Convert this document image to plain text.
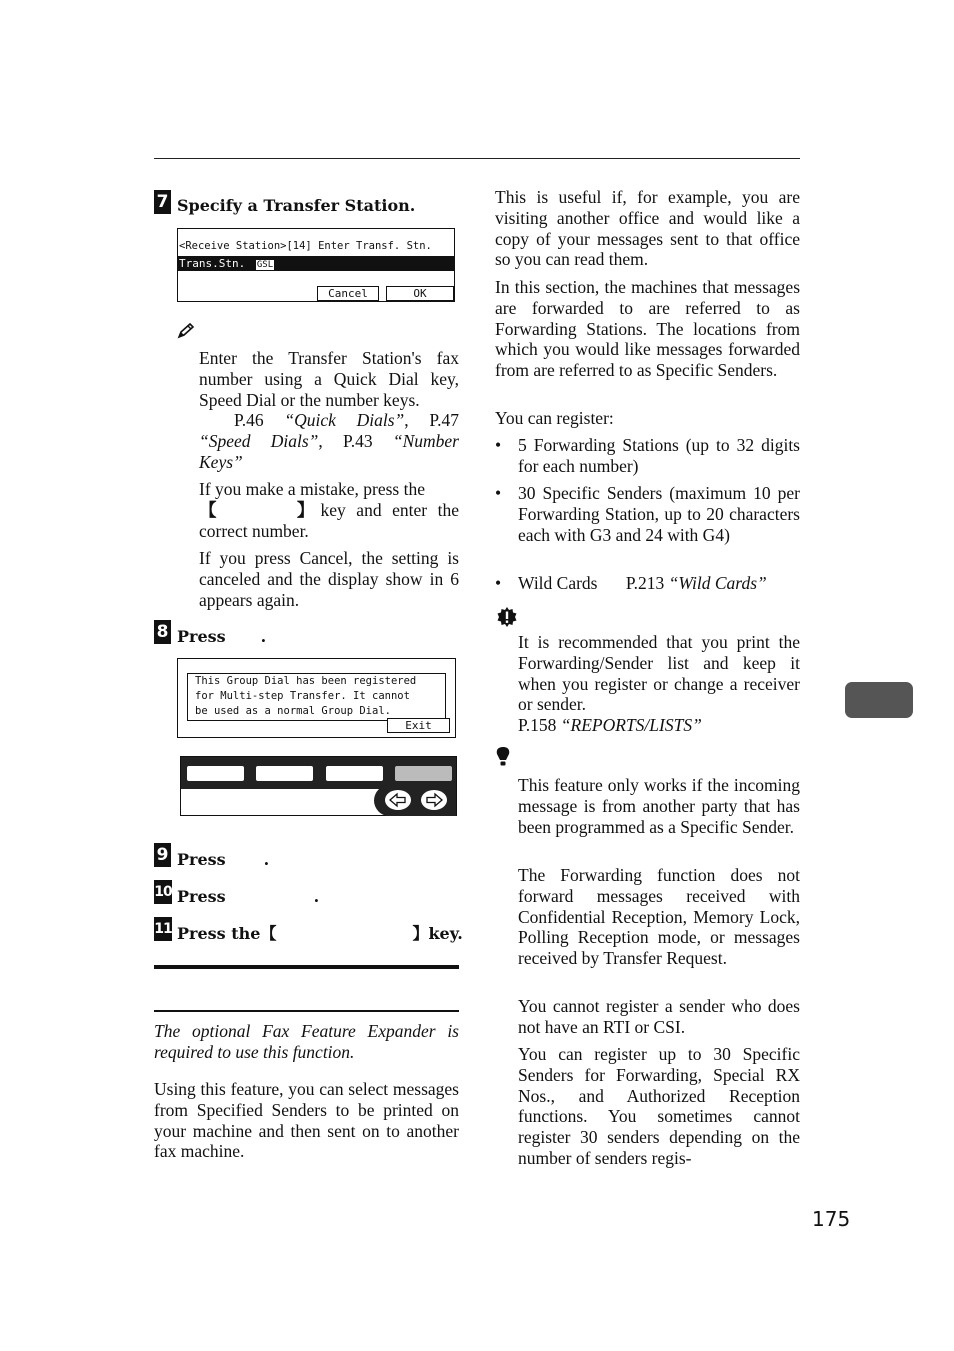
7 Specify a Transfer Station.
<Receive Station>[14] Enter Transf. Stn.
Trans.Stn. GSL
Cancel	OK
Enter the Transfer Station's fax number using a Quick Dial key, Speed Dial or the number keys.
P.46 “Quick Dials”, P.47 “Speed Dials”, P.43 “Number Keys”
If you make a mistake, press the
【	】key and enter the correct number.
If you press Cancel, the setting is canceled and the display show in 6 appears again.
8 Press .
This Group Dial has been registered
for Multi-step Transfer. It cannot
be used as a normal Group Dial.
Exit
9 Press .
10 Press	.
11 Press the【	】key.
The optional Fax Feature Expander is required to use this function.
Using this feature, you can select messages from Specified Senders to be printed on your machine and then sent on to another fax machine.
This is useful if, for example, you are visiting another office and would like a copy of your messages sent to that office so you can read them.
In this section, the machines that messages are forwarded to are referred to as Forwarding Stations. The locations from which you would like messages forwarded from are referred to as Specific Senders.
You can register:
• 5 Forwarding Stations (up to 32 digits for each number)
• 30 Specific Senders (maximum 10 per Forwarding Station, up to 20 characters each with G3 and 24 with G4)
• Wild Cards P.213 “Wild Cards”
It is recommended that you print the Forwarding/Sender list and keep it when you register or change a receiver or sender.
P.158 “REPORTS/LISTS”
This feature only works if the incoming message is from another party that has been programmed as a Specific Sender.
The Forwarding function does not forward messages received with Confidential Reception, Memory Lock, Polling Reception mode, or messages received by Transfer Request.
You cannot register a sender who does not have an RTI or CSI.
You can register up to 30 Specific Senders for Forwarding, Special RX Nos., and Authorized Reception functions. You sometimes cannot register 30 senders depending on the number of senders regis-
175
